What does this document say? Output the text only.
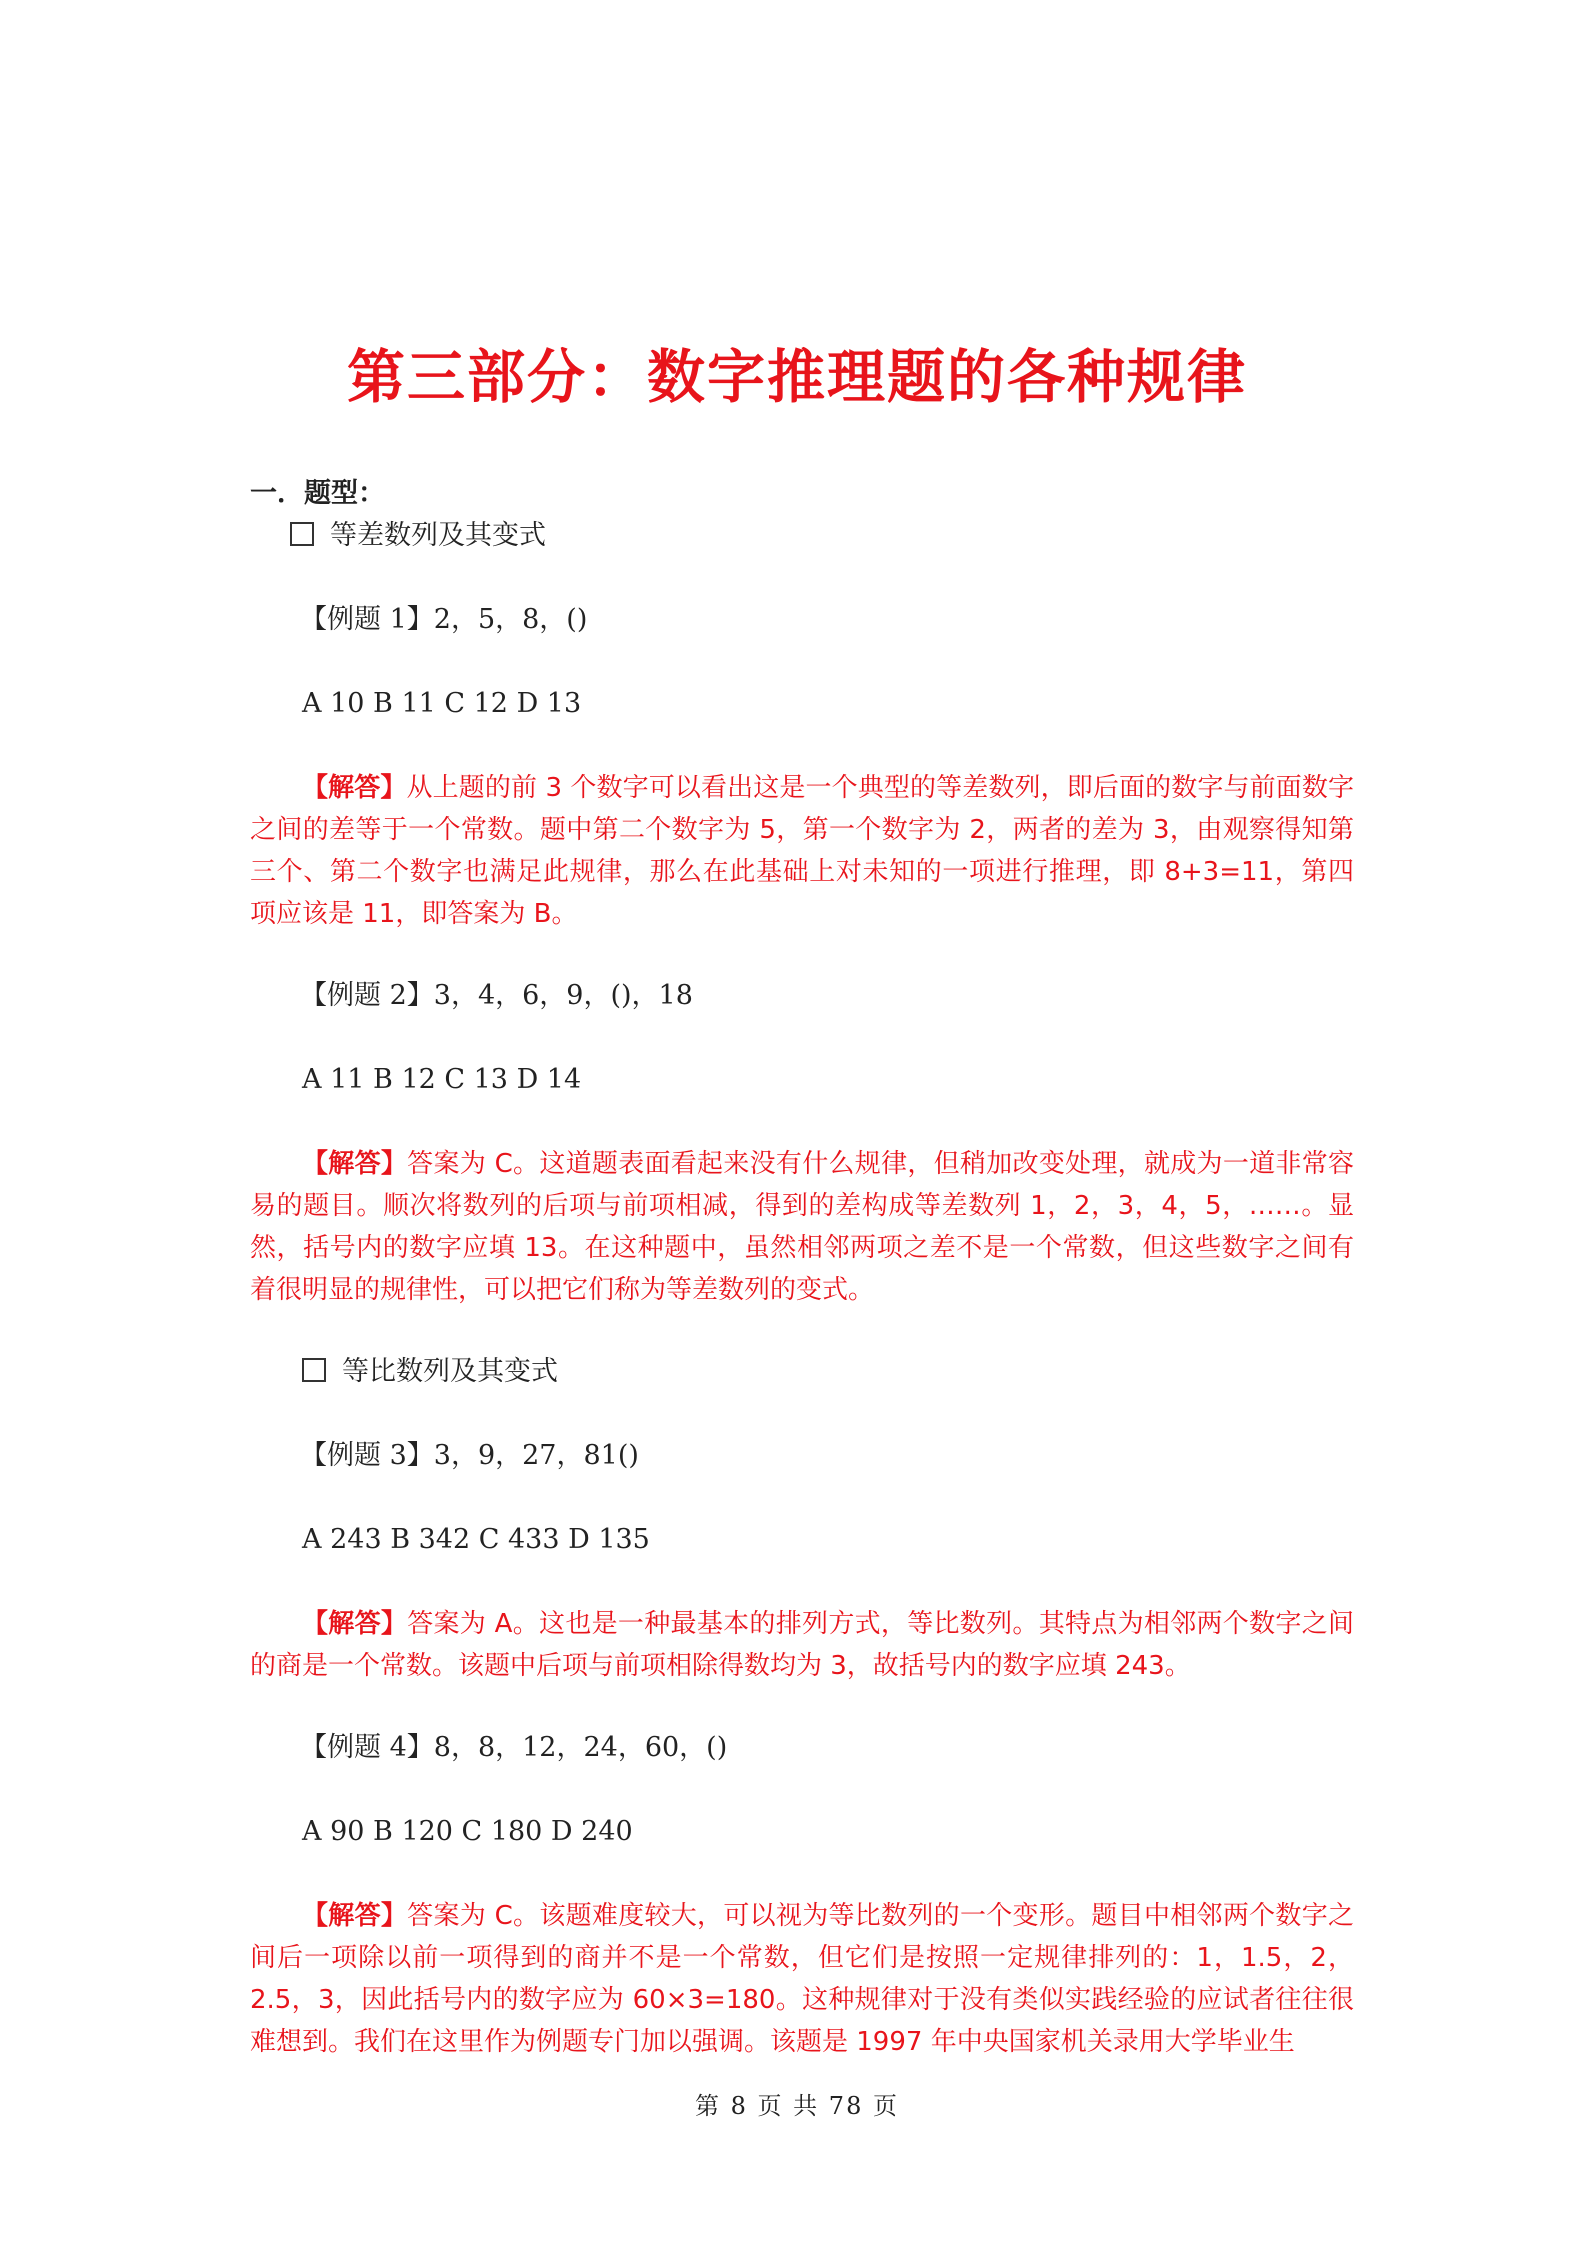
第三部分：数字推理题的各种规律

一．题型：

等差数列及其变式

【例题 1】2，5，8，()

A 10 B 11 C 12 D 13

【解答】从上题的前 3 个数字可以看出这是一个典型的等差数列，即后面的数字与前面数字之间的差等于一个常数。题中第二个数字为 5，第一个数字为 2，两者的差为 3，由观察得知第三个、第二个数字也满足此规律，那么在此基础上对未知的一项进行推理，即 8+3=11，第四项应该是 11，即答案为 B。

【例题 2】3，4，6，9，()，18

A 11 B 12 C 13 D 14

【解答】答案为 C。这道题表面看起来没有什么规律，但稍加改变处理，就成为一道非常容易的题目。顺次将数列的后项与前项相减，得到的差构成等差数列 1，2，3，4，5，……。显然，括号内的数字应填 13。在这种题中，虽然相邻两项之差不是一个常数，但这些数字之间有着很明显的规律性，可以把它们称为等差数列的变式。

等比数列及其变式

【例题 3】3，9，27，81()

A 243 B 342 C 433 D 135

【解答】答案为 A。这也是一种最基本的排列方式，等比数列。其特点为相邻两个数字之间的商是一个常数。该题中后项与前项相除得数均为 3，故括号内的数字应填 243。

【例题 4】8，8，12，24，60，()

A 90 B 120 C 180 D 240

【解答】答案为 C。该题难度较大，可以视为等比数列的一个变形。题目中相邻两个数字之间后一项除以前一项得到的商并不是一个常数，但它们是按照一定规律排列的：1，1.5，2，2.5，3，因此括号内的数字应为 60×3=180。这种规律对于没有类似实践经验的应试者往往很难想到。我们在这里作为例题专门加以强调。该题是 1997 年中央国家机关录用大学毕业生

第 8 页 共 78 页
